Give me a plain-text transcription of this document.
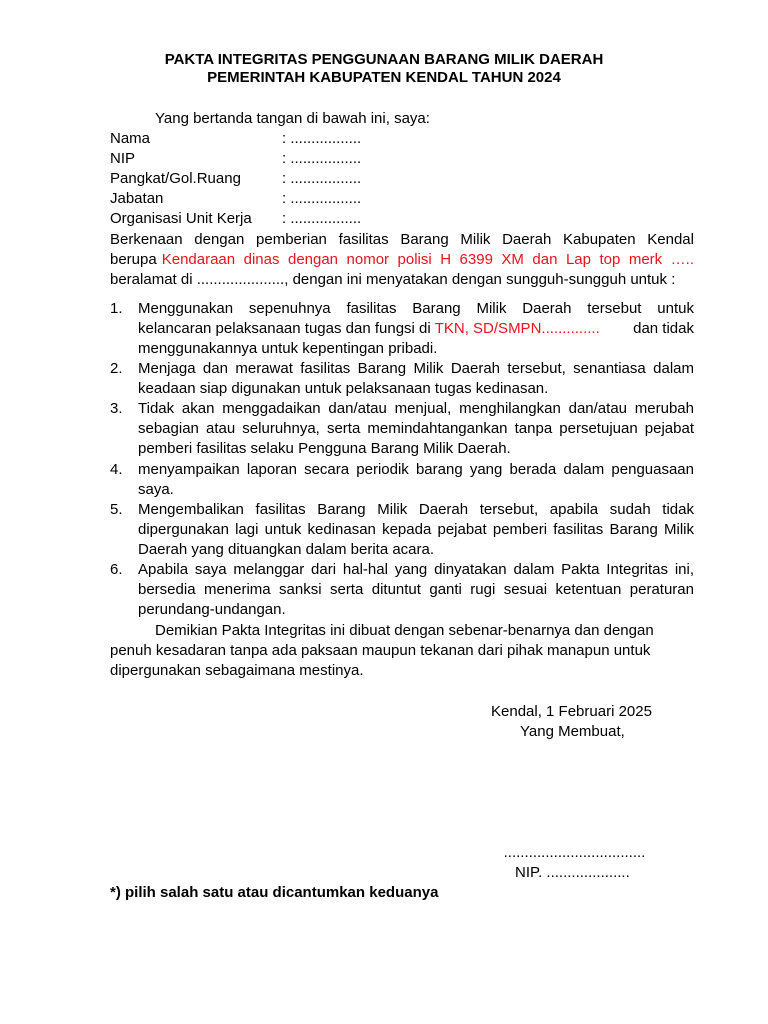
PAKTA INTEGRITAS PENGGUNAAN BARANG MILIK DAERAH
PEMERINTAH KABUPATEN KENDAL TAHUN 2024
Yang bertanda tangan di bawah ini, saya:
Nama	: .................
NIP	: .................
Pangkat/Gol.Ruang	: .................
Jabatan	: .................
Organisasi Unit Kerja : .................
Berkenaan dengan pemberian fasilitas Barang Milik Daerah Kabupaten Kendal
berupa Kendaraan dinas dengan nomor polisi H 6399 XM dan Lap top merk …..
beralamat di ....................., dengan ini menyatakan dengan sungguh-sungguh untuk :
1. Menggunakan sepenuhnya fasilitas Barang Milik Daerah tersebut untuk
kelancaran pelaksanaan tugas dan fungsi di TKN, SD/SMPN.............. dan tidak
menggunakannya untuk kepentingan pribadi.
2. Menjaga dan merawat fasilitas Barang Milik Daerah tersebut, senantiasa dalam
keadaan siap digunakan untuk pelaksanaan tugas kedinasan.
3. Tidak akan menggadaikan dan/atau menjual, menghilangkan dan/atau merubah
sebagian atau seluruhnya, serta memindahtangankan tanpa persetujuan pejabat
pemberi fasilitas selaku Pengguna Barang Milik Daerah.
4. menyampaikan laporan secara periodik barang yang berada dalam penguasaan
saya.
5. Mengembalikan fasilitas Barang Milik Daerah tersebut, apabila sudah tidak
dipergunakan lagi untuk kedinasan kepada pejabat pemberi fasilitas Barang Milik
Daerah yang dituangkan dalam berita acara.
6. Apabila saya melanggar dari hal-hal yang dinyatakan dalam Pakta Integritas ini,
bersedia menerima sanksi serta dituntut ganti rugi sesuai ketentuan peraturan
perundang-undangan.
Demikian Pakta Integritas ini dibuat dengan sebenar-benarnya dan dengan
penuh kesadaran tanpa ada paksaan maupun tekanan dari pihak manapun untuk
dipergunakan sebagaimana mestinya.
Kendal, 1 Februari 2025
Yang Membuat,
..................................
NIP. ....................
*) pilih salah satu atau dicantumkan keduanya
